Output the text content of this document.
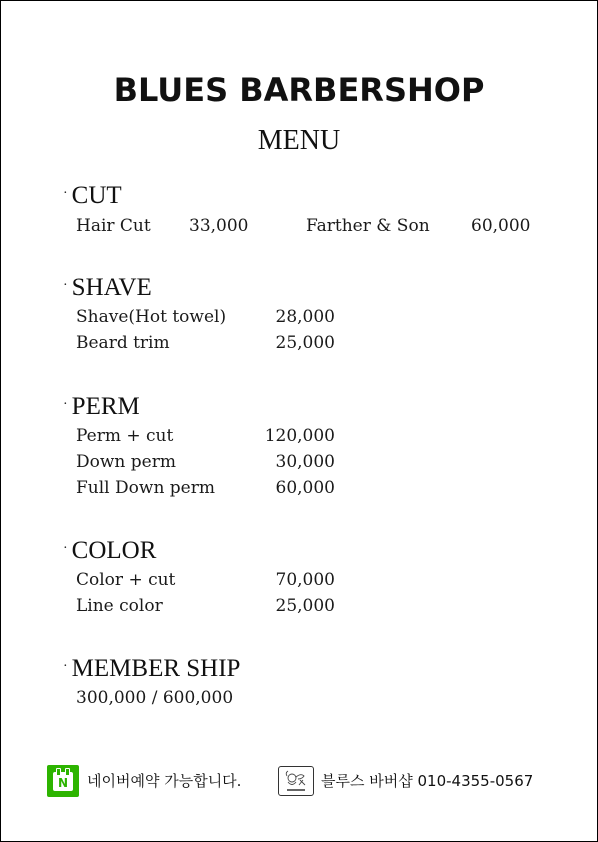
BLUES BARBERSHOP
MENU
· CUT
Hair Cut 33,000	Farther & Son 60,000
· SHAVE
Shave(Hot towel)	28,000
Beard trim	25,000
· PERM
Perm + cut	120,000
Down perm	30,000
Full Down perm	60,000
· COLOR
Color + cut	70,000
Line color	25,000
· MEMBER SHIP
300,000 / 600,000
N	네이버예약 가능합니다.	블루스 바버샵 010-4355-0567
